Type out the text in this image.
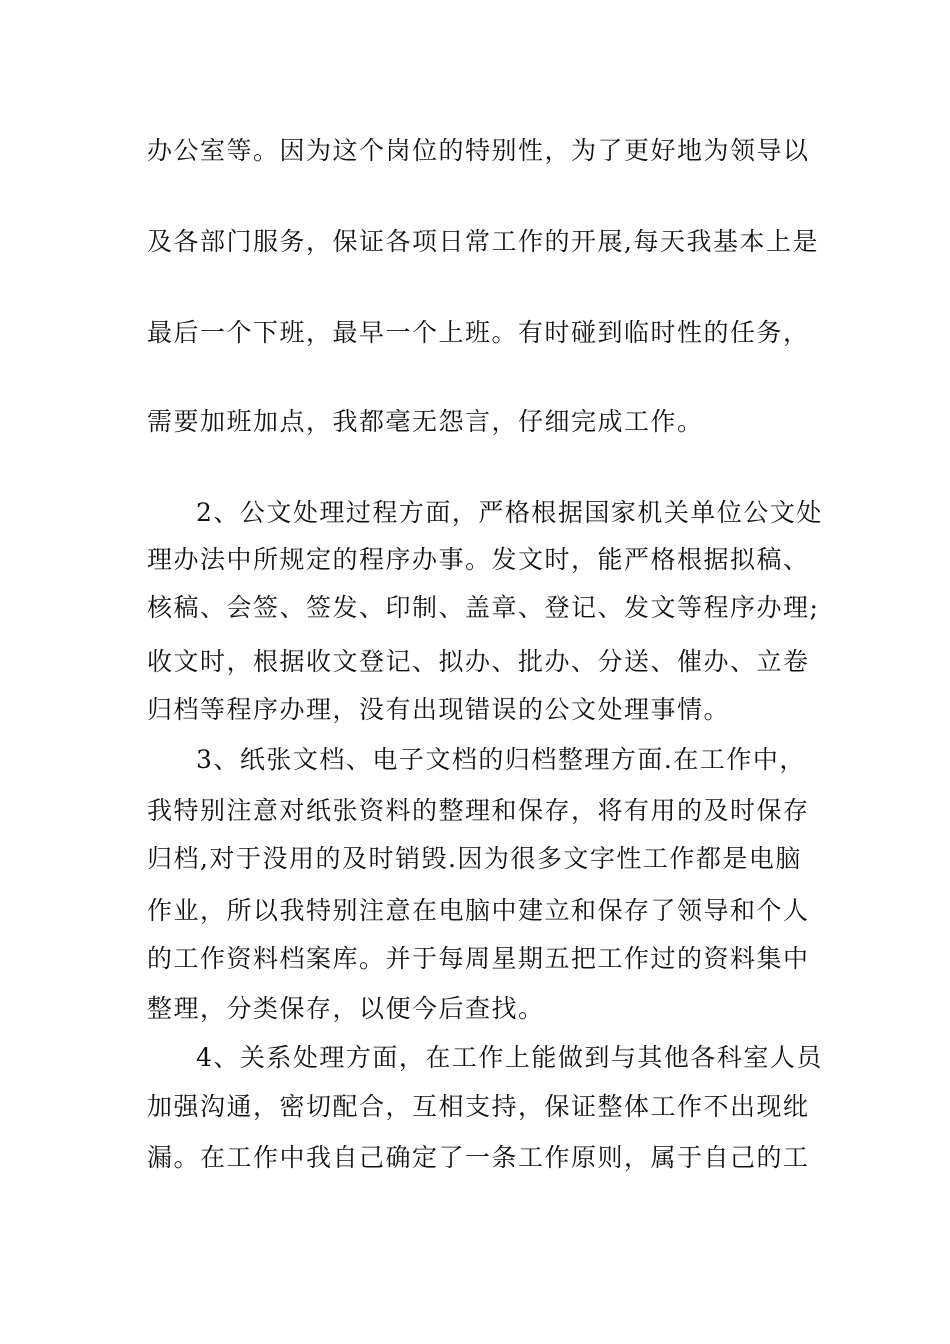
办公室等。因为这个岗位的特别性，为了更好地为领导以
及各部门服务，保证各项日常工作的开展,每天我基本上是
最后一个下班，最早一个上班。有时碰到临时性的任务，
需要加班加点，我都毫无怨言，仔细完成工作。
2、公文处理过程方面，严格根据国家机关单位公文处
理办法中所规定的程序办事。发文时，能严格根据拟稿、
核稿、会签、签发、印制、盖章、登记、发文等程序办理;
收文时，根据收文登记、拟办、批办、分送、催办、立卷
归档等程序办理，没有出现错误的公文处理事情。
3、纸张文档、电子文档的归档整理方面.在工作中，
我特别注意对纸张资料的整理和保存，将有用的及时保存
归档,对于没用的及时销毁.因为很多文字性工作都是电脑
作业，所以我特别注意在电脑中建立和保存了领导和个人
的工作资料档案库。并于每周星期五把工作过的资料集中
整理，分类保存，以便今后查找。
4、关系处理方面，在工作上能做到与其他各科室人员
加强沟通，密切配合，互相支持，保证整体工作不出现纰
漏。在工作中我自己确定了一条工作原则，属于自己的工
